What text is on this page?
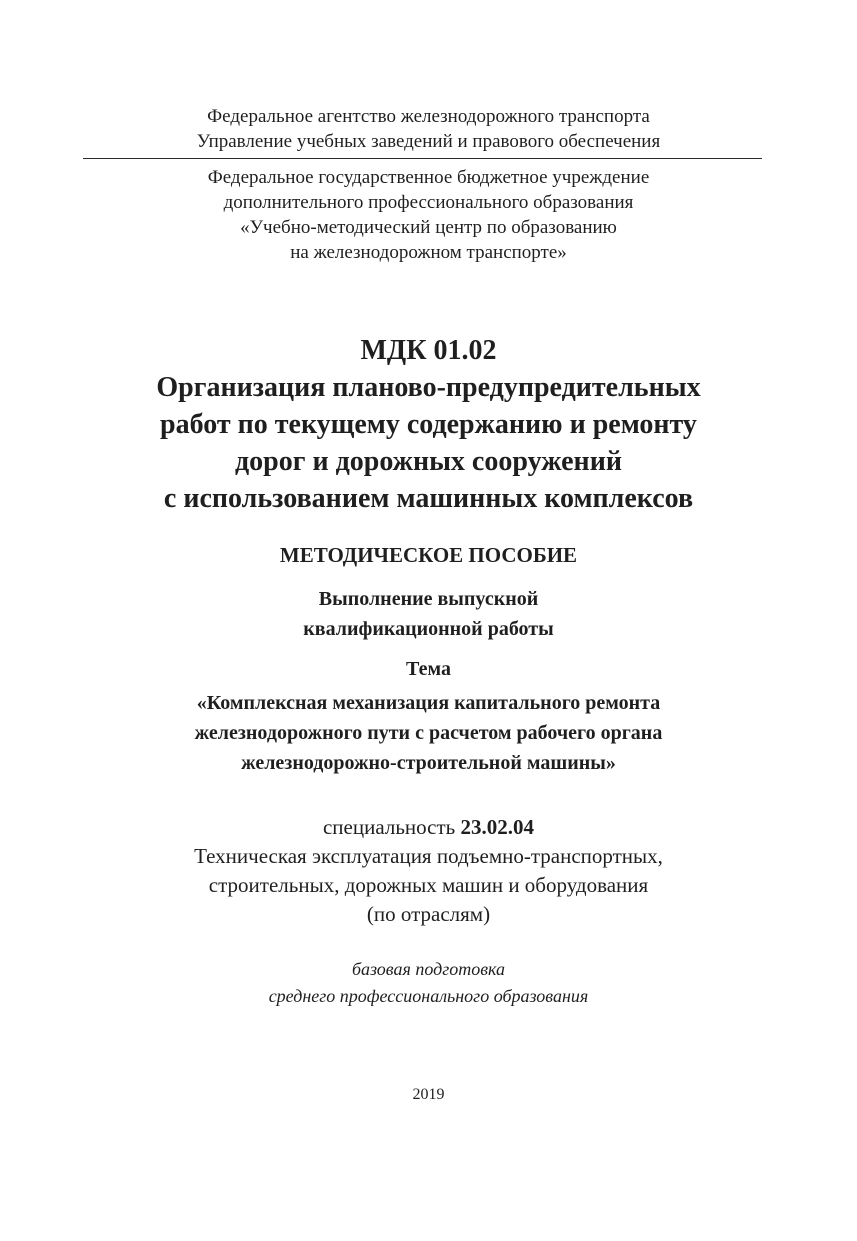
Федеральное агентство железнодорожного транспорта
Управление учебных заведений и правового обеспечения
Федеральное государственное бюджетное учреждение
дополнительного профессионального образования
«Учебно-методический центр по образованию
на железнодорожном транспорте»
МДК 01.02
Организация планово-предупредительных
работ по текущему содержанию и ремонту
дорог и дорожных сооружений
с использованием машинных комплексов
МЕТОДИЧЕСКОЕ ПОСОБИЕ
Выполнение выпускной
квалификационной работы
Тема
«Комплексная механизация капитального ремонта
железнодорожного пути с расчетом рабочего органа
железнодорожно-строительной машины»
специальность 23.02.04
Техническая эксплуатация подъемно-транспортных,
строительных, дорожных машин и оборудования
(по отраслям)
базовая подготовка
среднего профессионального образования
2019
